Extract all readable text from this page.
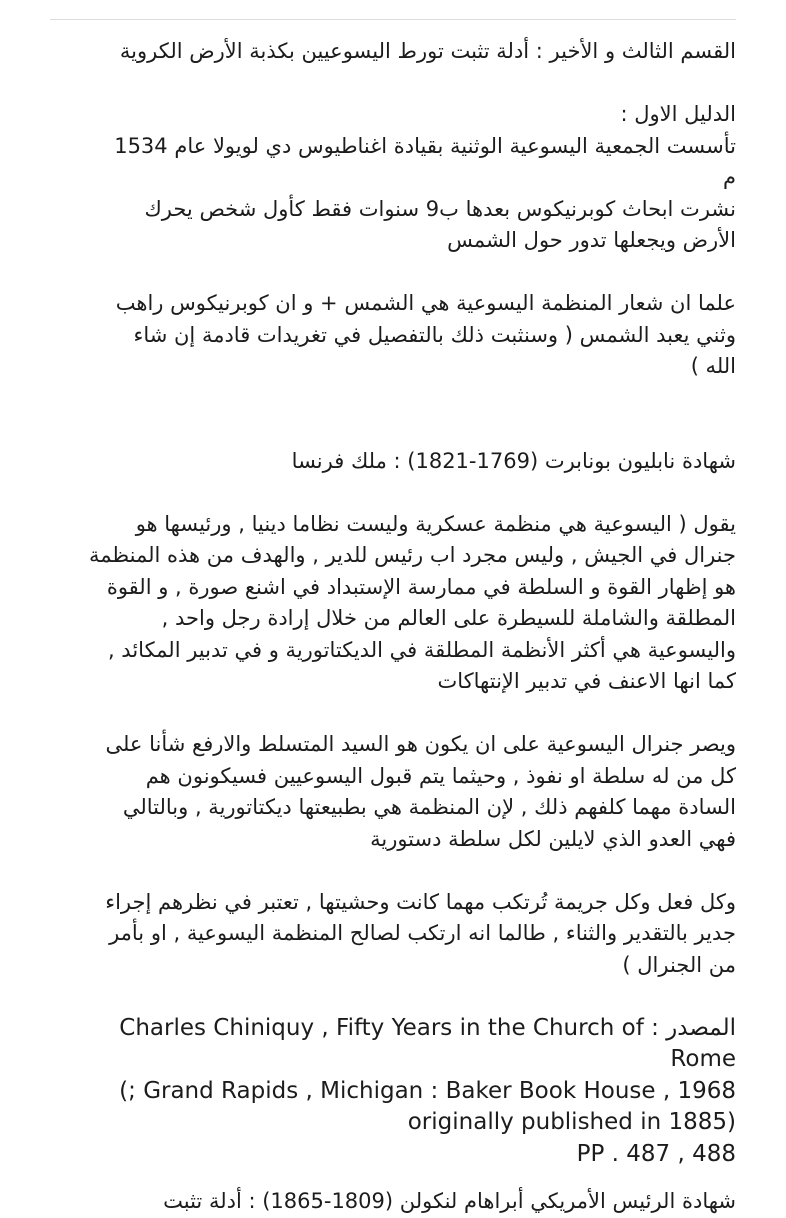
القسم الثالث و الأخير : أدلة تثبت تورط اليسوعيين بكذبة الأرض الكروية

الدليل الاول :
تأسست الجمعية اليسوعية الوثنية بقيادة اغناطيوس دي لويولا عام 1534
م
نشرت ابحاث كوبرنيكوس بعدها ب9 سنوات فقط كأول شخص يحرك
الأرض ويجعلها تدور حول الشمس

علما ان شعار المنظمة اليسوعية هي الشمس + و ان كوبرنيكوس راهب
وثني يعبد الشمس ( وسنثبت ذلك بالتفصيل في تغريدات قادمة إن شاء
الله )

شهادة نابليون بونابرت (1769-1821) : ملك فرنسا

يقول ( اليسوعية هي منظمة عسكرية وليست نظاما دينيا , ورئيسها هو
جنرال في الجيش , وليس مجرد اب رئيس للدير , والهدف من هذه المنظمة
هو إظهار القوة و السلطة في ممارسة الإستبداد في اشنع صورة , و القوة
المطلقة والشاملة للسيطرة على العالم من خلال إرادة رجل واحد ,
واليسوعية هي أكثر الأنظمة المطلقة في الديكتاتورية و في تدبير المكائد ,
كما انها الاعنف في تدبير الإنتهاكات

ويصر جنرال اليسوعية على ان يكون هو السيد المتسلط والارفع شأنا على
كل من له سلطة او نفوذ , وحيثما يتم قبول اليسوعيين فسيكونون هم
السادة مهما كلفهم ذلك , لإن المنظمة هي بطبيعتها ديكتاتورية , وبالتالي
فهي العدو الذي لايلين لكل سلطة دستورية

وكل فعل وكل جريمة تُرتكب مهما كانت وحشيتها , تعتبر في نظرهم إجراء
جدير بالتقدير والثناء , طالما انه ارتكب لصالح المنظمة اليسوعية , او بأمر
من الجنرال )

المصدر : Charles Chiniquy , Fifty Years in the Church of
Rome
Grand Rapids , Michigan : Baker Book House , 1968 ;)
(originally published in 1885
PP . 487 , 488

شهادة الرئيس الأمريكي أبراهام لنكولن (1809-1865) : أدلة تثبت
